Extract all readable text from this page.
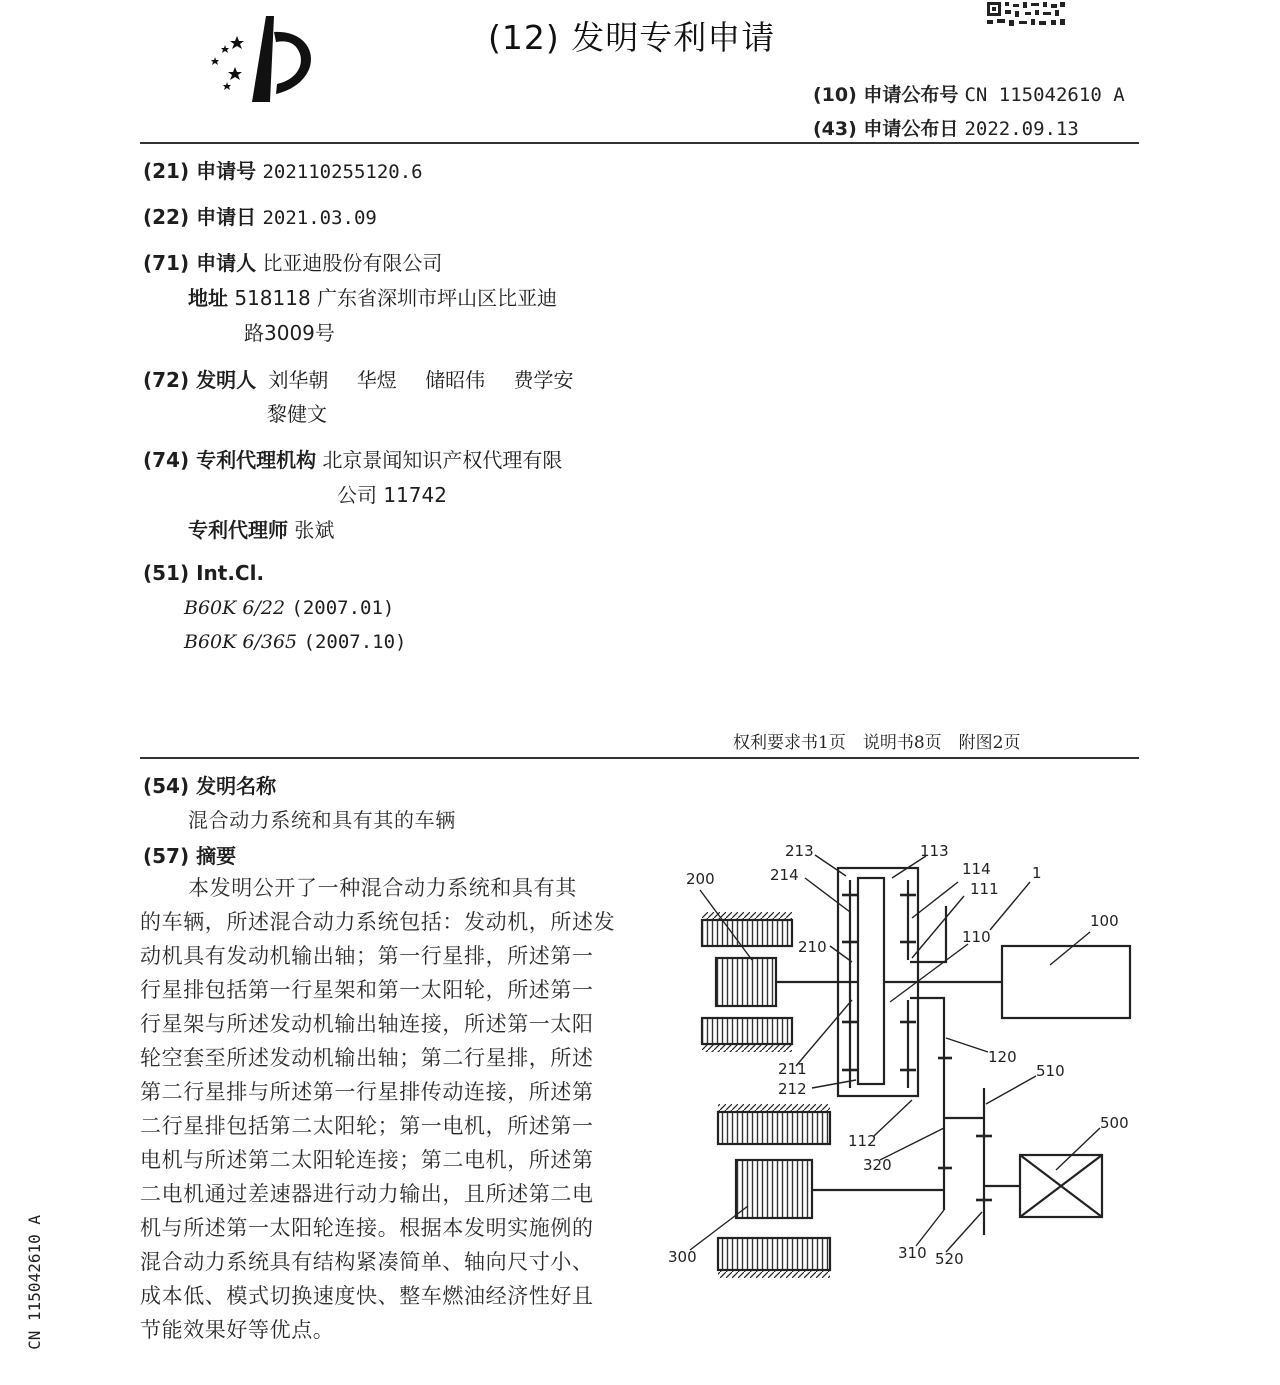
(12) 发明专利申请
(10) 申请公布号 CN 115042610 A
(43) 申请公布日 2022.09.13
(21) 申请号 202110255120.6
(22) 申请日 2021.03.09
(71) 申请人 比亚迪股份有限公司
地址 518118 广东省深圳市坪山区比亚迪
路3009号
(72) 发明人 刘华朝 华煜 储昭伟 费学安
黎健文
(74) 专利代理机构 北京景闻知识产权代理有限
公司 11742
专利代理师 张斌
(51) Int.Cl.
B60K 6/22 (2007.01)
B60K 6/365 (2007.10)
权利要求书1页　说明书8页　附图2页
(54) 发明名称
混合动力系统和具有其的车辆
(57) 摘要
本发明公开了一种混合动力系统和具有其
的车辆，所述混合动力系统包括：发动机，所述发
动机具有发动机输出轴；第一行星排，所述第一
行星排包括第一行星架和第一太阳轮，所述第一
行星架与所述发动机输出轴连接，所述第一太阳
轮空套至所述发动机输出轴；第二行星排，所述
第二行星排与所述第一行星排传动连接，所述第
二行星排包括第二太阳轮；第一电机，所述第一
电机与所述第二太阳轮连接；第二电机，所述第
二电机通过差速器进行动力输出，且所述第二电
机与所述第一太阳轮连接。根据本发明实施例的
混合动力系统具有结构紧凑简单、轴向尺寸小、
成本低、模式切换速度快、整车燃油经济性好且
节能效果好等优点。
CN 115042610 A
213	113
214	114	1
200
111
100
110
210
120
510
211
212
500
112
320
300	310 520
